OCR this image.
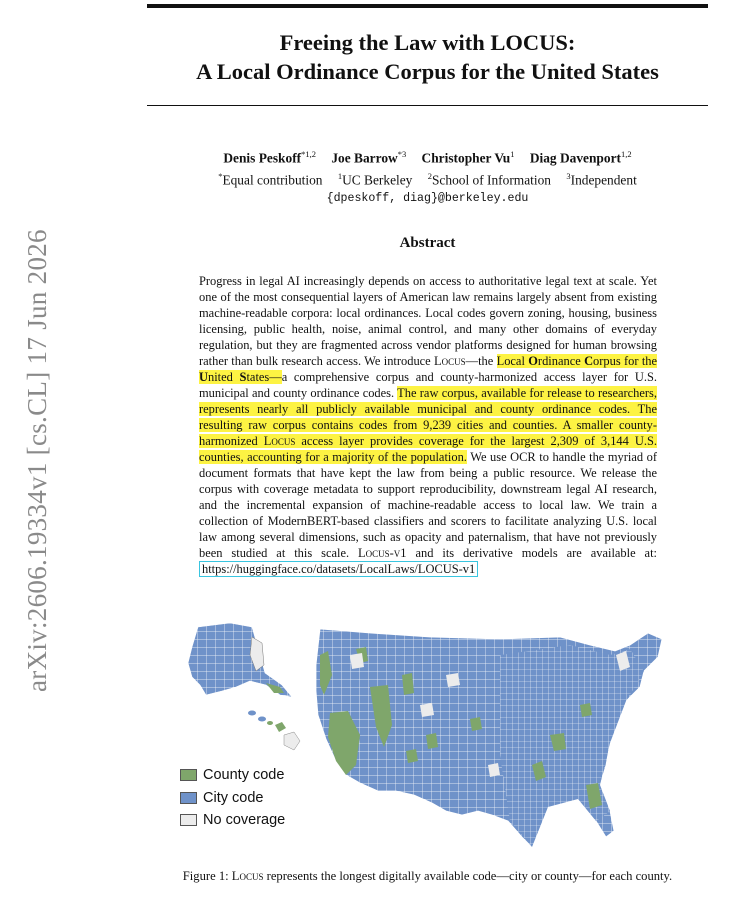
arXiv:2606.19334v1 [cs.CL] 17 Jun 2026
Freeing the Law with LOCUS:
A Local Ordinance Corpus for the United States
Denis Peskoff$^{*1,2}$ Joe Barrow$^{*3}$ Christopher Vu$^1$ Diag Davenport$^{1,2}$
*Equal contribution $^1$UC Berkeley $^2$School of Information $^3$Independent
{dpeskoff, diag}@berkeley.edu
Abstract
Progress in legal AI increasingly depends on access to authoritative legal text at scale. Yet one of the most consequential layers of American law remains largely absent from existing machine-readable corpora: local ordinances. Local codes govern zoning, housing, business licensing, public health, noise, animal control, and many other domains of everyday regulation, but they are fragmented across vendor platforms designed for human browsing rather than bulk research access. We introduce Locus—the Local Ordinance Corpus for the United States—a comprehensive corpus and county-harmonized access layer for U.S. municipal and county ordinance codes. The raw corpus, available for release to researchers, represents nearly all publicly available municipal and county ordinance codes. The resulting raw corpus contains codes from 9,239 cities and counties. A smaller county-harmonized Locus access layer provides coverage for the largest 2,309 of 3,144 U.S. counties, accounting for a majority of the population. We use OCR to handle the myriad of document formats that have kept the law from being a public resource. We release the corpus with coverage metadata to support reproducibility, downstream legal AI research, and the incremental expansion of machine-readable access to local law. We train a collection of ModernBERT-based classifiers and scorers to facilitate analyzing U.S. local law among several dimensions, such as opacity and paternalism, that have not previously been studied at this scale. Locus-v1 and its derivative models are available at: https://huggingface.co/datasets/LocalLaws/LOCUS-v1
County code
City code
No coverage
Figure 1: Locus represents the longest digitally available code—city or county—for each county.
